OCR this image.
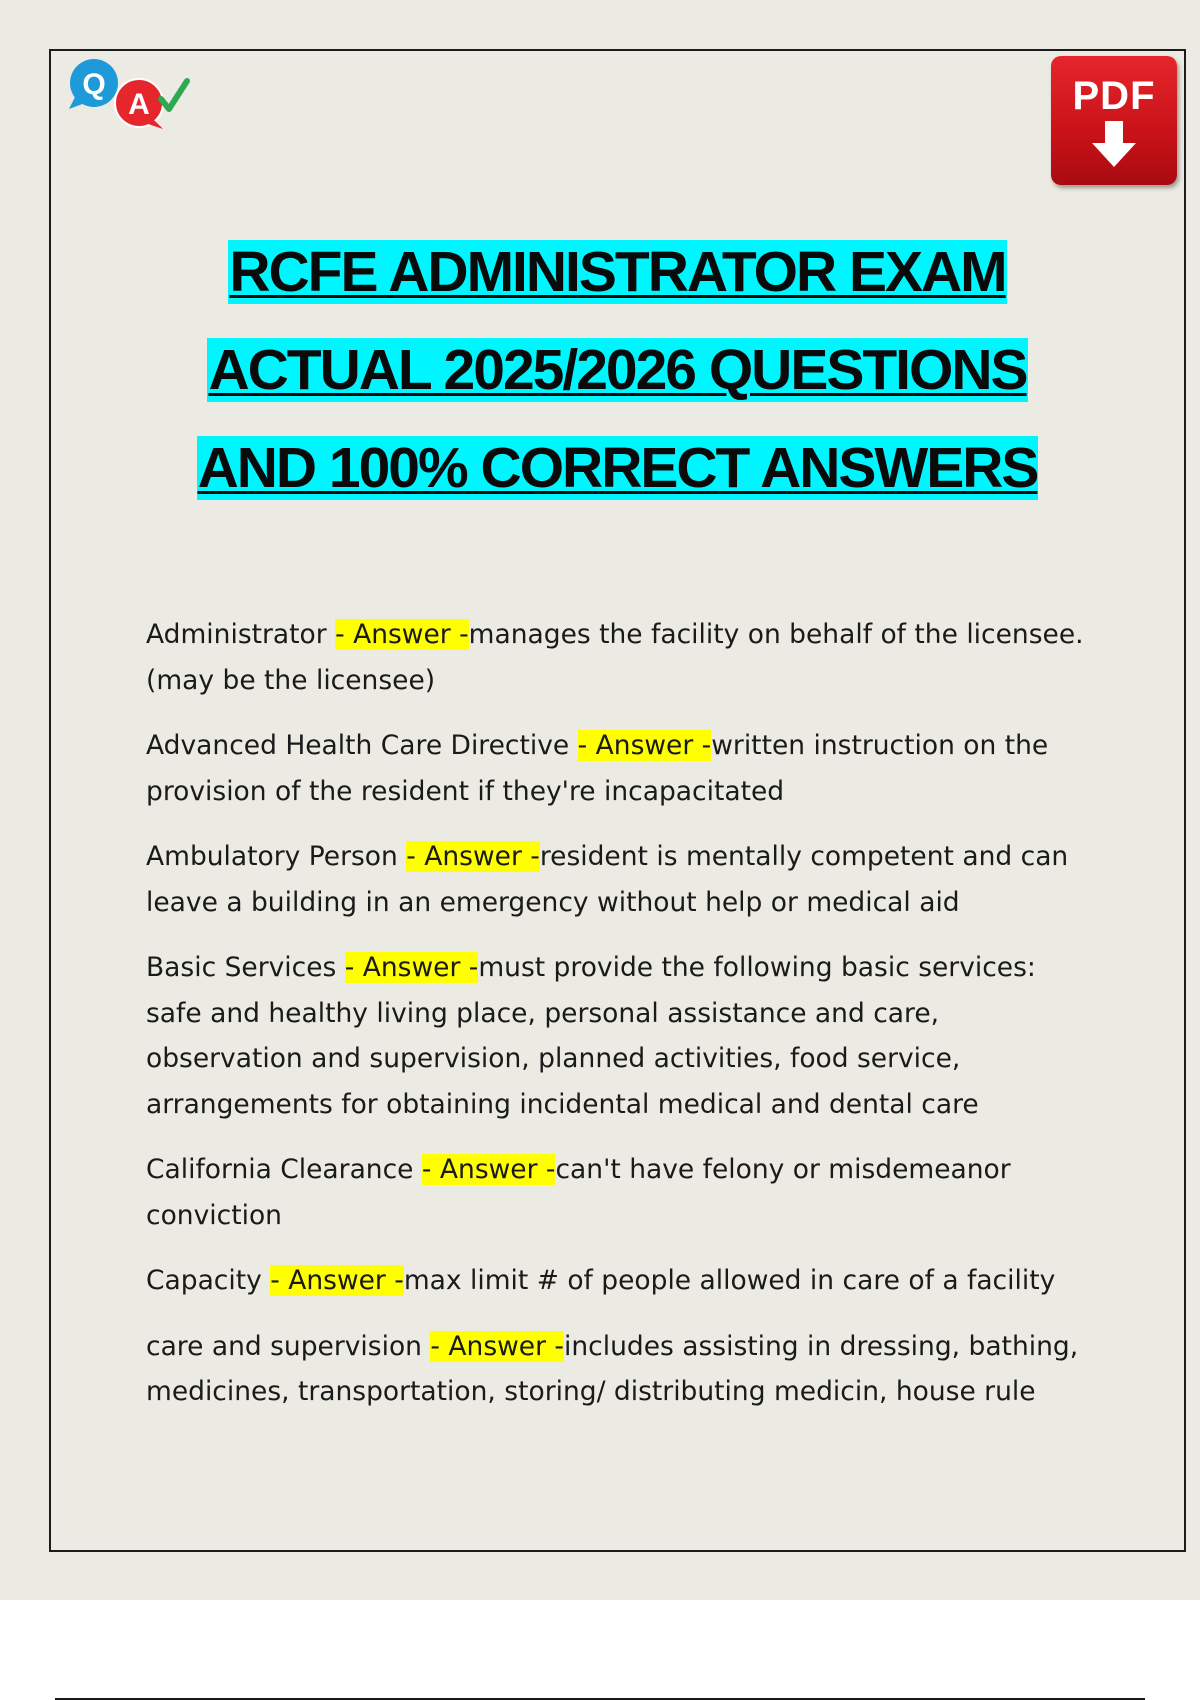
Q
A	PDF
RCFE ADMINISTRATOR EXAM
ACTUAL 2025/2026 QUESTIONS
AND 100% CORRECT ANSWERS

Administrator - Answer -manages the facility on behalf of the licensee. (may be the licensee)

Advanced Health Care Directive - Answer -written instruction on the provision of the resident if they're incapacitated

Ambulatory Person - Answer -resident is mentally competent and can leave a building in an emergency without help or medical aid

Basic Services - Answer -must provide the following basic services: safe and healthy living place, personal assistance and care, observation and supervision, planned activities, food service, arrangements for obtaining incidental medical and dental care

California Clearance - Answer -can't have felony or misdemeanor conviction

Capacity - Answer -max limit # of people allowed in care of a facility

care and supervision - Answer -includes assisting in dressing, bathing, medicines, transportation, storing/ distributing medicin, house rule
